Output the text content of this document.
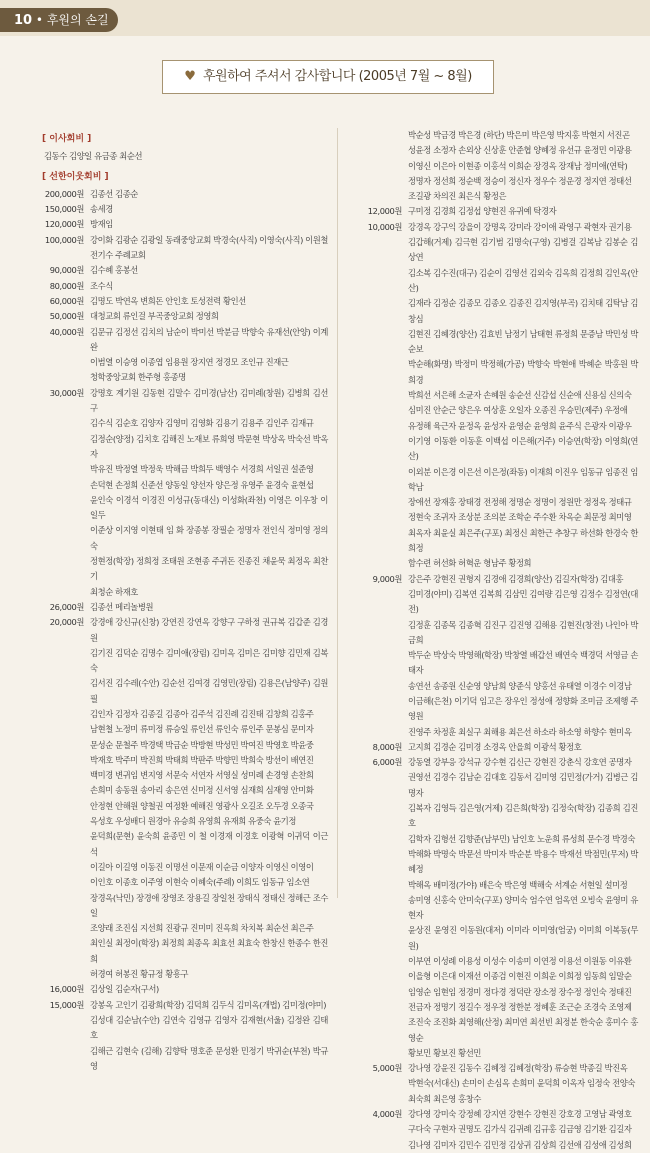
10 • 후원의 손길
♥ 후원하여 주셔서 감사합니다 (2005년 7월 ~ 8월)
[ 이사회비 ]
김동수 김양일 유금종 최순선
[ 선한이웃회비 ]
200,000원 김종선 김종순
150,000원 송세경
120,000원 방재임
100,000원 강이화 김광순 김광일 동래중앙교회 박경숙(사직) 이영숙(사직) 이원철
전기수 주례교회
90,000원 김수혜 홍봉선
80,000원 조수식
60,000원 김명도 박연옥 변희돈 안인호 토성전력 황인선
50,000원 대청교회 류인걸 부곡중앙교회 정영희
40,000원 김문규 김정선 김치의 남순이 박미선 박분금 박향숙 유재선(안양) 이계완
이범열 이승영 이종엽 임용원 장지연 정경모 조인규 진재근
청학중앙교회 한주형 홍종명
30,000원 강명호 계기원 김동현 김말수 김미경(남산) 김미례(창원) 김병희 김선구
김수식 김순호 김양자 김영미 김영화 김용기 김용주 김인주 김재규
김정순(양정) 김치호 김해진 노재보 류희영 박문현 박상옥 박숙선 박옥자
박유진 박정열 박정욱 박해금 박희두 백영수 서경희 서일권 설준영
손덕현 손정희 신준선 양동일 양선자 양은정 유영주 윤경숙 윤현섭
윤인숙 이경석 이경진 이성규(동대신) 이성화(좌천) 이영은 이우창 이일두
이준상 이지영 이현태 임 화 장종봉 장필순 정명자 전인식 정미영 정의숙
정현정(학장) 정희정 조태원 조현종 주귀돈 진종진 채윤묵 최정옥 최찬기
최청순 하재호
26,000원 김종선 메리놀병원
20,000원 강경애 강신규(신창) 강연진 강연옥 강향구 구하정 권규복 김갑준 김경원
김기진 김덕순 김명수 김미애(장림) 김미옥 김미은 김미향 김민재 김복숙
김서진 김수레(수안) 김순선 김여경 김영민(장림) 김용은(남양주) 김원필
김인자 김정자 김종길 김종아 김주석 김진례 김진태 김창희 김홍주
남현철 노정미 류미정 류승일 류인선 류인숙 류인주 문봉심 문미자
문성순 문철주 박경택 박금순 박방현 박성민 박여진 박영호 박윤중
박재호 박주미 박진희 박태희 박판주 박향민 박희숙 방선이 배연진
백미경 변귀임 변지영 서문숙 서연자 서영실 성미례 손경영 손찬희
손희미 송동원 송아리 송은연 신미정 신서영 심재희 심재영 안미화
안정현 안해원 양철권 여정환 예해진 영광사 오길조 오두경 오종국
옥성호 우성배디 원경아 유승희 유영희 유재희 유중숙 윤기정
윤덕희(문현) 윤숙희 윤종민 이 철 이경재 이경호 이광혁 이귀덕 이근석
이길아 이길영 이동진 이명선 이문재 이순금 이양자 이영신 이영이
이인호 이종호 이주영 이현숙 이혜숙(주례) 이희도 임동규 임소연
장경옥(낙민) 장경애 장영조 장용길 장일천 장태식 정태신 정해근 조수일
조양래 조진심 지선희 진광규 진미미 진옥희 차치복 최순선 최은주
최인실 최정이(학장) 최정희 최종옥 최효선 최효숙 한창신 한종수 한진희
허경여 허봉진 황규정 황흥구
16,000원 김상일 김순자(구서)
15,000원 강봉옥 고인기 김광희(학장) 김덕희 김두식 김미옥(개법) 김미정(야미)
김성대 김순남(수안) 김연숙 김영규 김영자 김재현(서울) 김정완 김태호
김해근 김현숙 (김해) 김향탁 명호준 문성환 민정기 박귀순(부천) 박규영
박순성 박금경 박은경 (하단) 박은미 박은영 박지홍 박현지 서진곤
성윤정 소정자 손외상 신상훈 안준협 양혜정 유선규 윤정민 이광용
이영신 이은아 이현종 이홍석 이희순 장경옥 장재남 정미애(연탁)
정명자 정선희 정순백 정승이 정신자 정우수 정운경 정지연 정태선
조길광 차의진 최은식 황정은
12,000원 구미정 김경희 김정섭 양현진 유귀예 탁경자
10,000원 강경옥 강구익 강을이 강명옥 강미라 강이애 곽영구 곽현자 권기용
김갑해(거제) 김극현 김기범 김명숙(구영) 김병걸 김복남 김봉순 김상연
김소복 김수진(대구) 김순이 김영선 김외숙 김옥희 김정희 김인옥(안산)
김재라 김정순 김종모 김종오 김종진 김지영(부곡) 김치태 김탁남 김창심
김현진 김혜경(양산) 김효빈 남정기 남태현 류정희 문증남 박민성 박순보
박순해(화명) 박정미 박정해(가공) 박향숙 박현애 박혜순 박홍원 박희경
박희선 서은해 소균자 손혜원 송순선 신감섭 신순애 신용심 신의숙
심미진 안순근 양은우 여상훈 오일자 오종진 우승민(제주) 우정애
유정해 육근자 윤정옥 윤성자 윤영순 윤영희 윤주식 은광자 이광우
이기영 이동환 이동훈 이백섭 이은해(거주) 이승연(학장) 이영희(연산)
이외분 이은경 이은선 이은정(좌동) 이재희 이진우 임동규 임종진 임학남
장애선 장재홍 장태경 전정해 정명순 정명이 정원만 정정옥 정태규
정현숙 조귀자 조상분 조의분 조학순 주수환 차옥순 최문정 최미영
최옥자 최윤실 최은주(구포) 최정신 최한근 추창구 하선화 한경숙 한희정
함수련 허선화 허혁운 형남주 황정희
9,000원 강은주 강현진 권형지 김경애 김경희(양산) 김길자(학장) 김대홍
김미경(야미) 김복연 김복희 김삼민 김여량 김은영 김정수 김정연(대전)
김정훈 김종목 김종혁 김진구 김진영 김해용 김현진(창전) 나인아 박금희
박두순 박상숙 박영해(학장) 박창열 배갑선 배연숙 백경덕 서영금 손태자
송연선 송종원 신순영 양남희 양준식 양홍선 유태열 이경수 이경남
이금해(은천) 이기덕 임고은 장우인 정성애 정향화 조미금 조제행 주영원
진영주 차정훈 최실구 최해용 최은선 하소라 하소영 하향수 현미옥
8,000원 고지희 김경순 김미경 소경옥 안을희 이광석 황정호
6,000원 강동열 강부응 강석규 강수현 김신근 강현진 강춘식 강호연 공명자
권영선 김경수 김남순 김대호 김동서 김미영 김민정(가거) 김병근 김명자
김복자 김영득 김은영(거제) 김은희(학장) 김정숙(학장) 김종희 김진호
김학자 김형선 김향준(남부민) 남인호 노운희 류성희 문수경 박경숙
박해화 박명숙 박문선 박미자 박순분 박용수 박재선 박점민(무저) 박혜정
박해옥 배미정(가야) 배은숙 박은영 백해숙 서계순 서현일 설미정
송미영 신홍숙 안미숙(구포) 양미숙 엄수연 엄옥연 오빙숙 윤영미 유현자
윤상진 윤영진 이동원(대저) 이미라 이미영(엄궁) 이미희 이복동(무원)
이부연 이성례 이용성 이성수 이송미 이연정 이용선 이원동 이유환
이을형 이은대 이재선 이종검 이현진 이희운 이희정 임동희 임말순
임영순 임현임 정경미 정다경 정덕란 장소정 장수정 정인숙 정태진
전금자 정명기 정길수 정우정 정한분 정혜훈 조근순 조경숙 조영제
조진숙 조진화 최영해(산정) 최미연 최선빈 최정분 한숙순 홍미수 홍영순
황보민 황보진 황선민
5,000원 강나영 강윤진 김동수 김혜정 김혜정(학장) 류승현 박종길 박진옥
박현숙(서대신) 손미이 손심옥 손희미 윤덕희 이옥자 임정숙 전양숙
최숙희 최은영 홍창수
4,000원 강다영 강미숙 강정혜 강지연 강현수 강현진 강호경 고영남 곽영호
구다숙 구현자 권명도 김가식 김귀례 김규홍 김금영 김기환 김길자
김나영 김미자 김민수 김민정 김상귀 김상희 김선애 김성애 김성희
